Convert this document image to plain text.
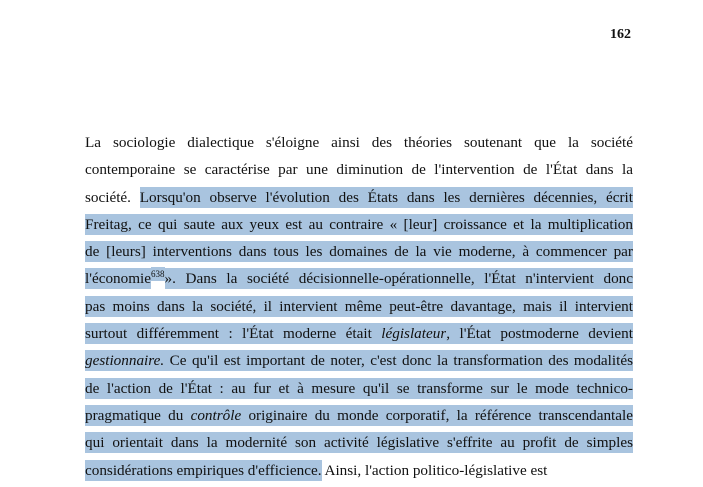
162
La sociologie dialectique s'éloigne ainsi des théories soutenant que la société
contemporaine se caractérise par une diminution de l'intervention de l'État dans la
société. Lorsqu'on observe l'évolution des États dans les dernières décennies, écrit
Freitag, ce qui saute aux yeux est au contraire « [leur] croissance et la multiplication
de [leurs] interventions dans tous les domaines de la vie moderne, à commencer par
l'économie$^{638}$». Dans la société décisionnelle-opérationnelle, l'État n'intervient donc
pas moins dans la société, il intervient même peut-être davantage, mais il intervient
surtout différemment : l'État moderne était législateur, l'État postmoderne devient
gestionnaire. Ce qu'il est important de noter, c'est donc la transformation des modalités
de l'action de l'État : au fur et à mesure qu'il se transforme sur le mode technico-
pragmatique du contrôle originaire du monde corporatif, la référence transcendantale
qui orientait dans la modernité son activité législative s'effrite au profit de simples
considérations empiriques d'efficience. Ainsi, l'action politico-législative est
